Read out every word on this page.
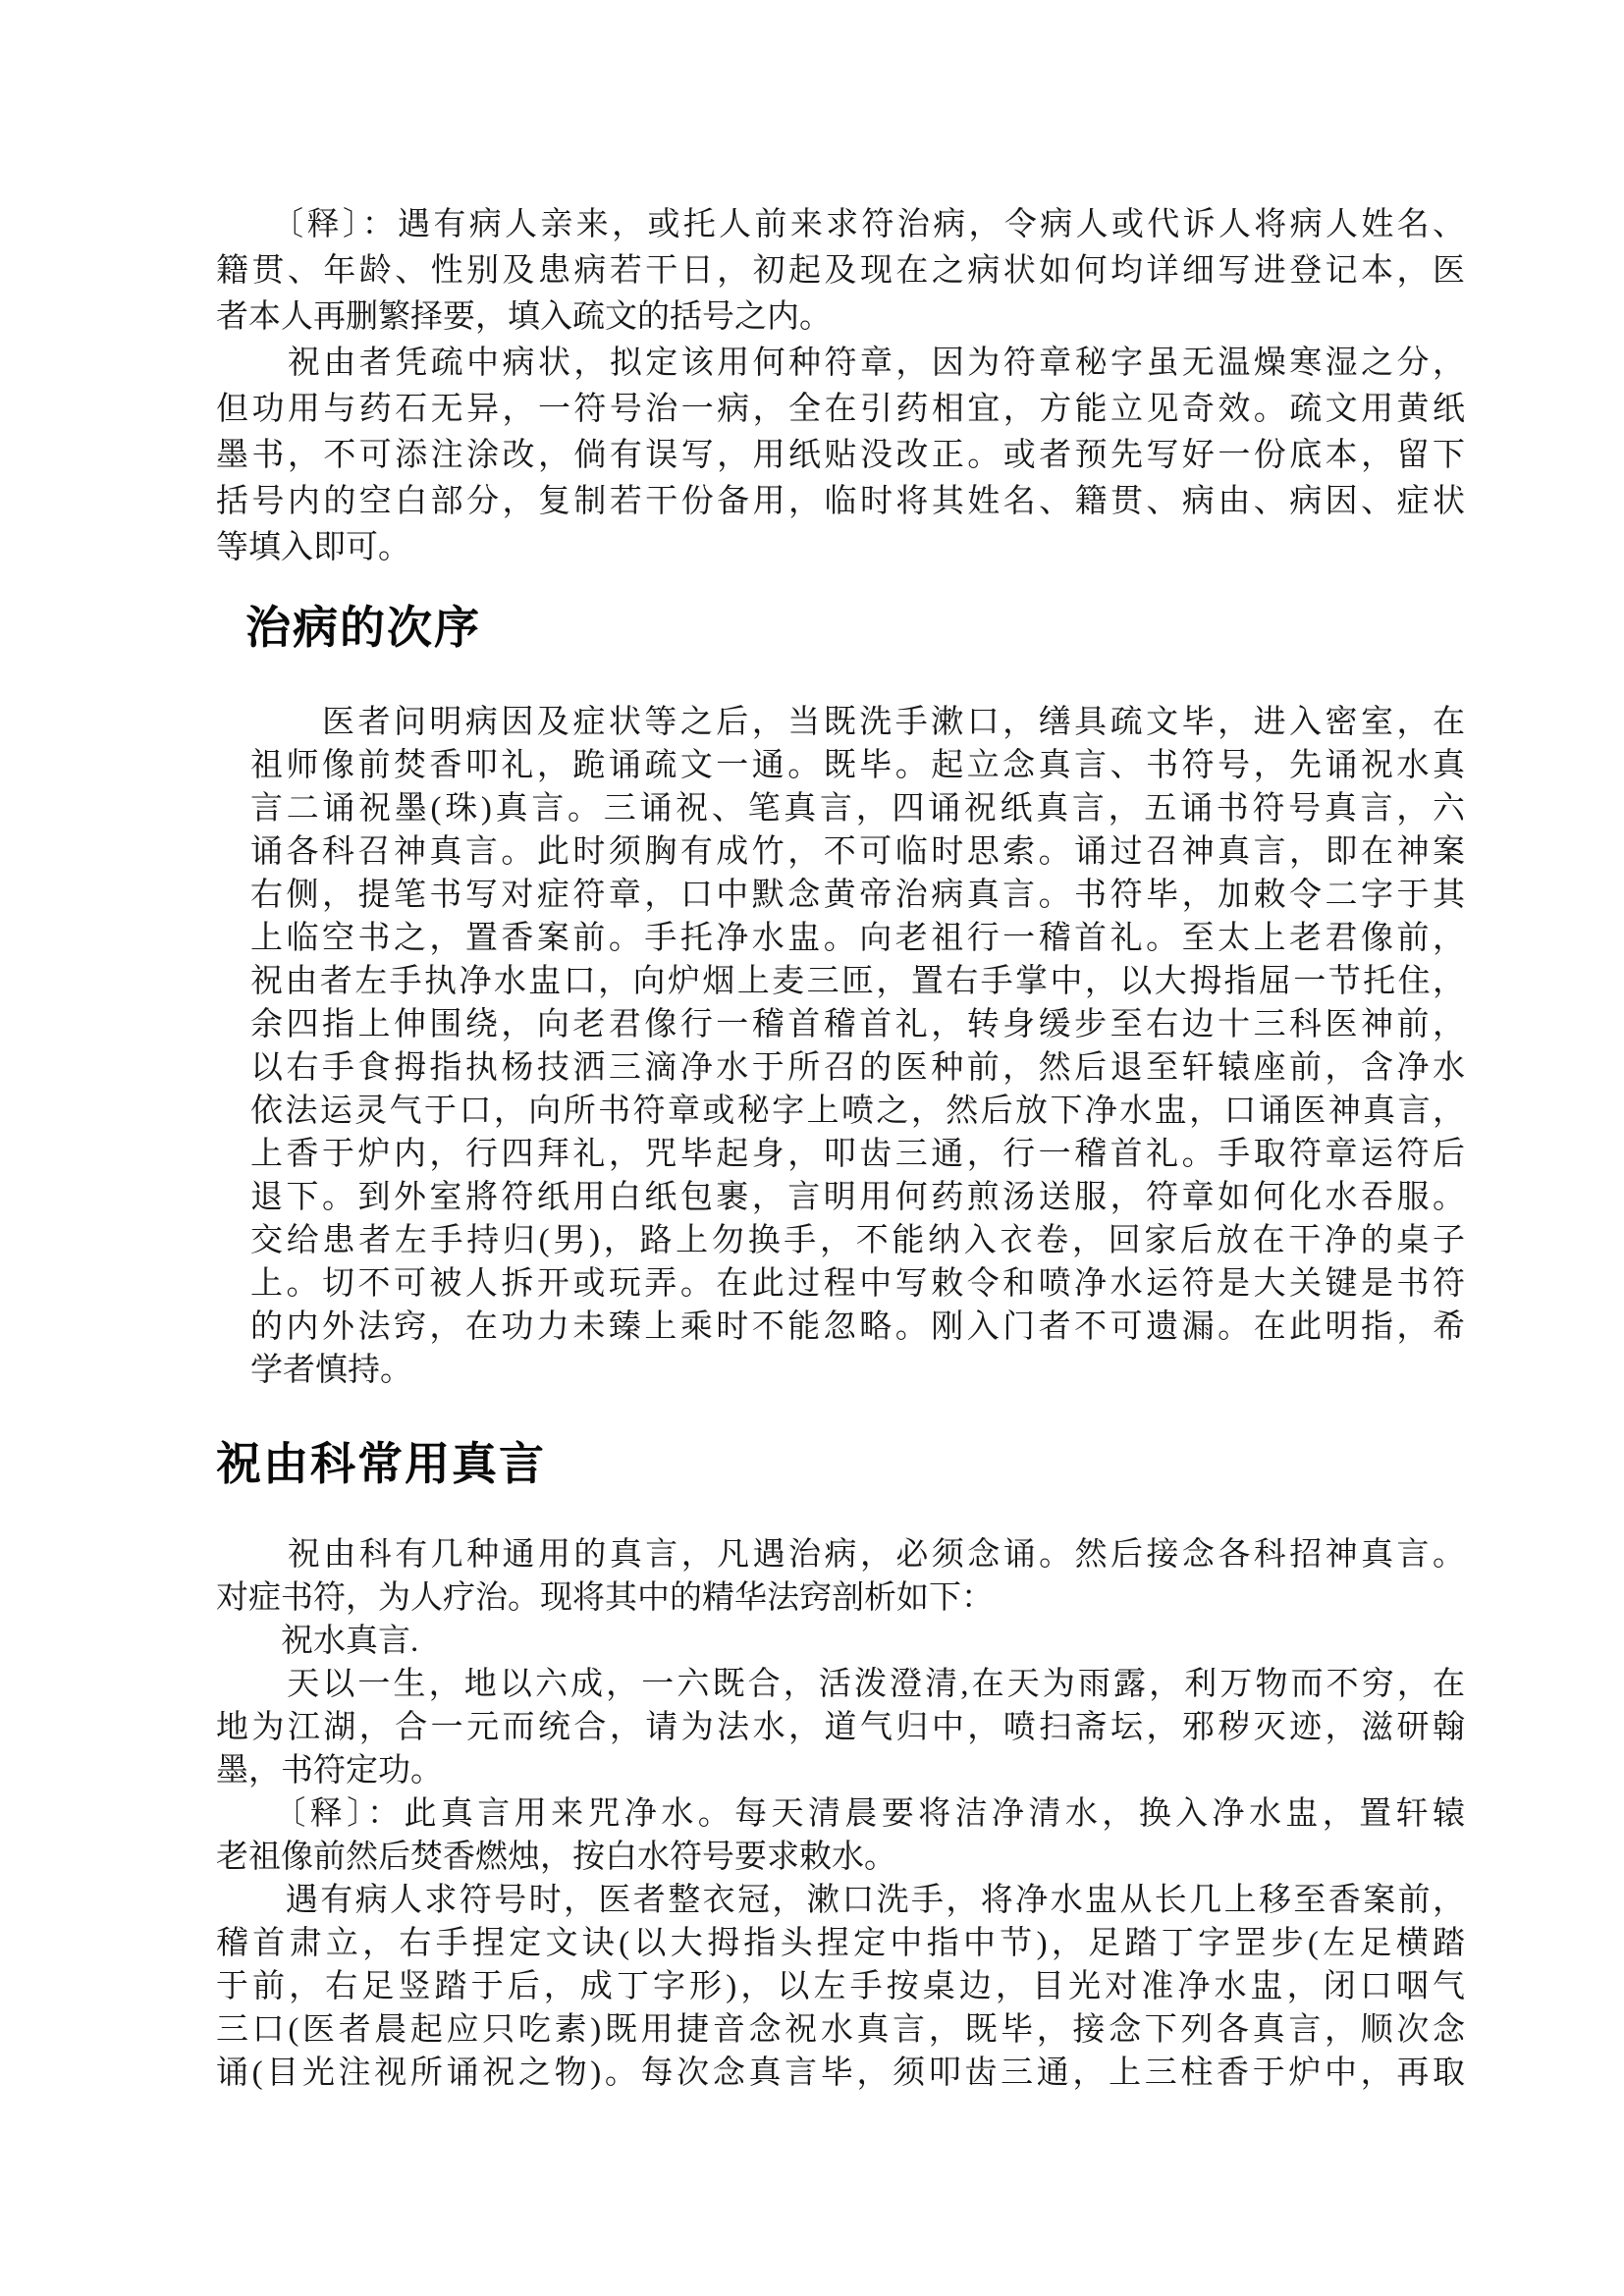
　　〔释〕：遇有病人亲来，或托人前来求符治病，令病人或代诉人将病人姓名、
籍贯、年龄、性别及患病若干日，初起及现在之病状如何均详细写进登记本，医
者本人再删繁择要，填入疏文的括号之内。
　　祝由者凭疏中病状，拟定该用何种符章，因为符章秘字虽无温燥寒湿之分，
但功用与药石无异，一符号治一病，全在引药相宜，方能立见奇效。疏文用黄纸
墨书，不可添注涂改，倘有误写，用纸贴没改正。或者预先写好一份底本，留下
括号内的空白部分，复制若干份备用，临时将其姓名、籍贯、病由、病因、症状
等填入即可。
治病的次序
　　医者问明病因及症状等之后，当既洗手漱口，缮具疏文毕，进入密室，在
祖师像前焚香叩礼，跪诵疏文一通。既毕。起立念真言、书符号，先诵祝水真
言二诵祝墨(珠)真言。三诵祝、笔真言，四诵祝纸真言，五诵书符号真言，六
诵各科召神真言。此时须胸有成竹，不可临时思索。诵过召神真言，即在神案
右侧，提笔书写对症符章，口中默念黄帝治病真言。书符毕，加敕令二字于其
上临空书之，置香案前。手托净水盅。向老祖行一稽首礼。至太上老君像前，
祝由者左手执净水盅口，向炉烟上麦三匝，置右手掌中，以大拇指屈一节托住，
余四指上伸围绕，向老君像行一稽首稽首礼，转身缓步至右边十三科医神前，
以右手食拇指执杨技洒三滴净水于所召的医种前，然后退至轩辕座前，含净水
依法运灵气于口，向所书符章或秘字上喷之，然后放下净水盅，口诵医神真言，
上香于炉内，行四拜礼，咒毕起身，叩齿三通，行一稽首礼。手取符章运符后
退下。到外室將符纸用白纸包裹，言明用何药煎汤送服，符章如何化水吞服。
交给患者左手持归(男)，路上勿换手，不能纳入衣卷，回家后放在干净的桌子
上。切不可被人拆开或玩弄。在此过程中写敕令和喷净水运符是大关键是书符
的内外法窍，在功力未臻上乘时不能忽略。刚入门者不可遗漏。在此明指，希
学者慎持。
祝由科常用真言
　　祝由科有几种通用的真言，凡遇治病，必须念诵。然后接念各科招神真言。
对症书符，为人疗治。现将其中的精华法窍剖析如下：
　　祝水真言.
　　天以一生，地以六成，一六既合，活泼澄清,在天为雨露，利万物而不穷，在
地为江湖，合一元而统合，请为法水，道气归中，喷扫斋坛，邪秽灭迹，滋研翰
墨，书符定功。
　　〔释〕：此真言用来咒净水。每天清晨要将洁净清水，换入净水盅，置轩辕
老祖像前然后焚香燃烛，按白水符号要求敕水。
　　遇有病人求符号时，医者整衣冠，漱口洗手，将净水盅从长几上移至香案前，
稽首肃立，右手捏定文诀(以大拇指头捏定中指中节)，足踏丁字罡步(左足横踏
于前，右足竖踏于后，成丁字形)，以左手按桌边，目光对准净水盅，闭口咽气
三口(医者晨起应只吃素)既用捷音念祝水真言，既毕，接念下列各真言，顺次念
诵(目光注视所诵祝之物)。每次念真言毕，须叩齿三通，上三柱香于炉中，再取
